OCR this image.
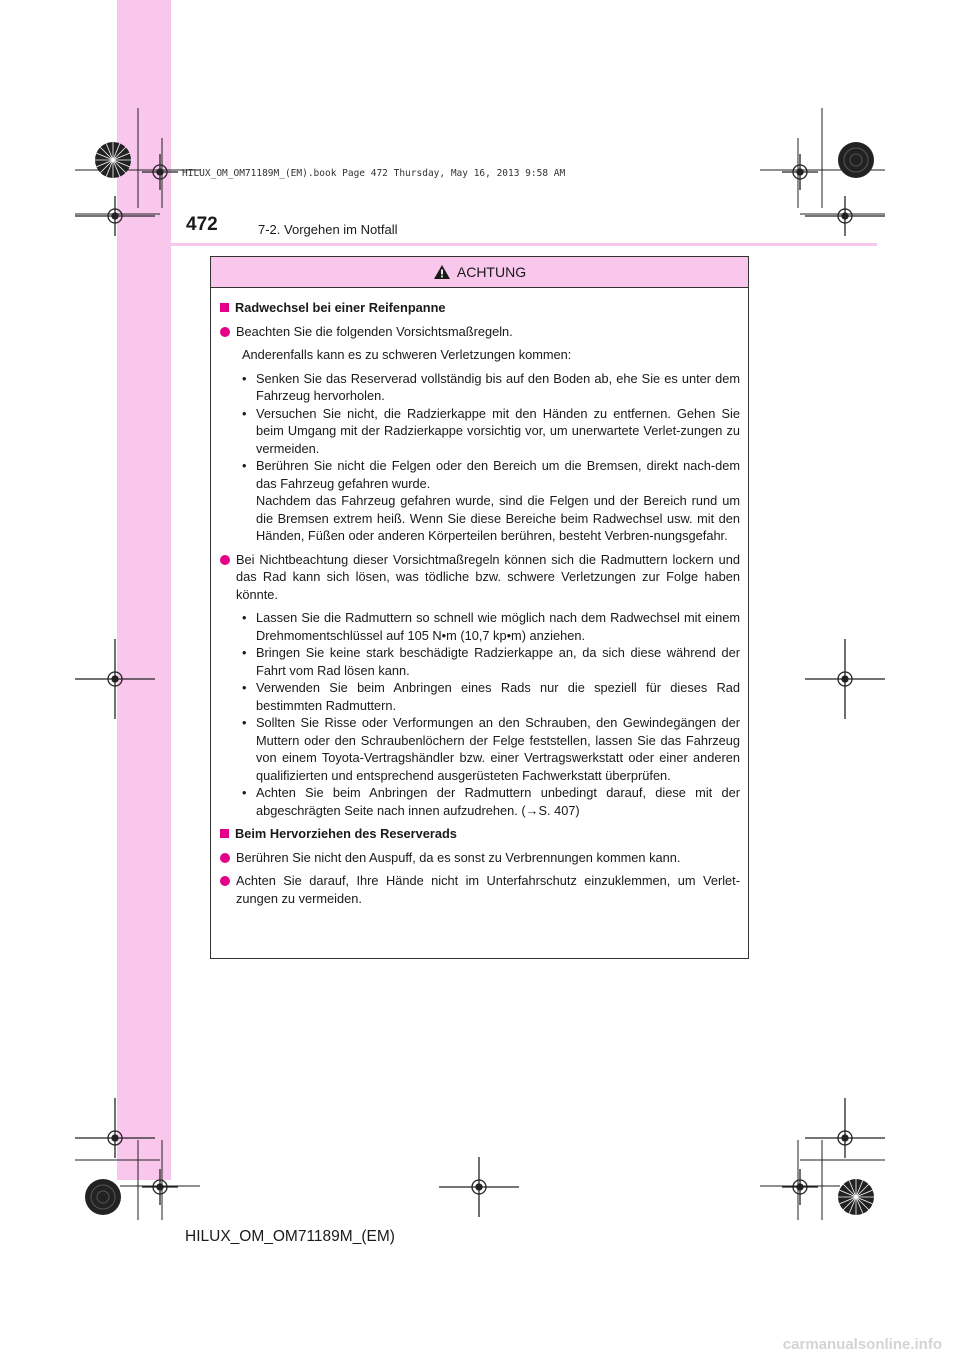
HILUX_OM_OM71189M_(EM).book Page 472 Thursday, May 16, 2013 9:58 AM
472	7-2. Vorgehen im Notfall
ACHTUNG
Radwechsel bei einer Reifenpanne
Beachten Sie die folgenden Vorsichtsmaßregeln.
Anderenfalls kann es zu schweren Verletzungen kommen:
• Senken Sie das Reserverad vollständig bis auf den Boden ab, ehe Sie es unter dem Fahrzeug hervorholen.
• Versuchen Sie nicht, die Radzierkappe mit den Händen zu entfernen. Gehen Sie beim Umgang mit der Radzierkappe vorsichtig vor, um unerwartete Verlet-zungen zu vermeiden.
• Berühren Sie nicht die Felgen oder den Bereich um die Bremsen, direkt nach-dem das Fahrzeug gefahren wurde.
Nachdem das Fahrzeug gefahren wurde, sind die Felgen und der Bereich rund um die Bremsen extrem heiß. Wenn Sie diese Bereiche beim Radwechsel usw. mit den Händen, Füßen oder anderen Körperteilen berühren, besteht Verbren-nungsgefahr.
Bei Nichtbeachtung dieser Vorsichtmaßregeln können sich die Radmuttern lockern und das Rad kann sich lösen, was tödliche bzw. schwere Verletzungen zur Folge haben könnte.
• Lassen Sie die Radmuttern so schnell wie möglich nach dem Radwechsel mit einem Drehmomentschlüssel auf 105 N•m (10,7 kp•m) anziehen.
• Bringen Sie keine stark beschädigte Radzierkappe an, da sich diese während der Fahrt vom Rad lösen kann.
• Verwenden Sie beim Anbringen eines Rads nur die speziell für dieses Rad bestimmten Radmuttern.
• Sollten Sie Risse oder Verformungen an den Schrauben, den Gewindegängen der Muttern oder den Schraubenlöchern der Felge feststellen, lassen Sie das Fahrzeug von einem Toyota-Vertragshändler bzw. einer Vertragswerkstatt oder einer anderen qualifizierten und entsprechend ausgerüsteten Fachwerkstatt überprüfen.
• Achten Sie beim Anbringen der Radmuttern unbedingt darauf, diese mit der abgeschrägten Seite nach innen aufzudrehen. (→S. 407)
Beim Hervorziehen des Reserverads
Berühren Sie nicht den Auspuff, da es sonst zu Verbrennungen kommen kann.
Achten Sie darauf, Ihre Hände nicht im Unterfahrschutz einzuklemmen, um Verlet-zungen zu vermeiden.
HILUX_OM_OM71189M_(EM)
carmanualsonline.info
